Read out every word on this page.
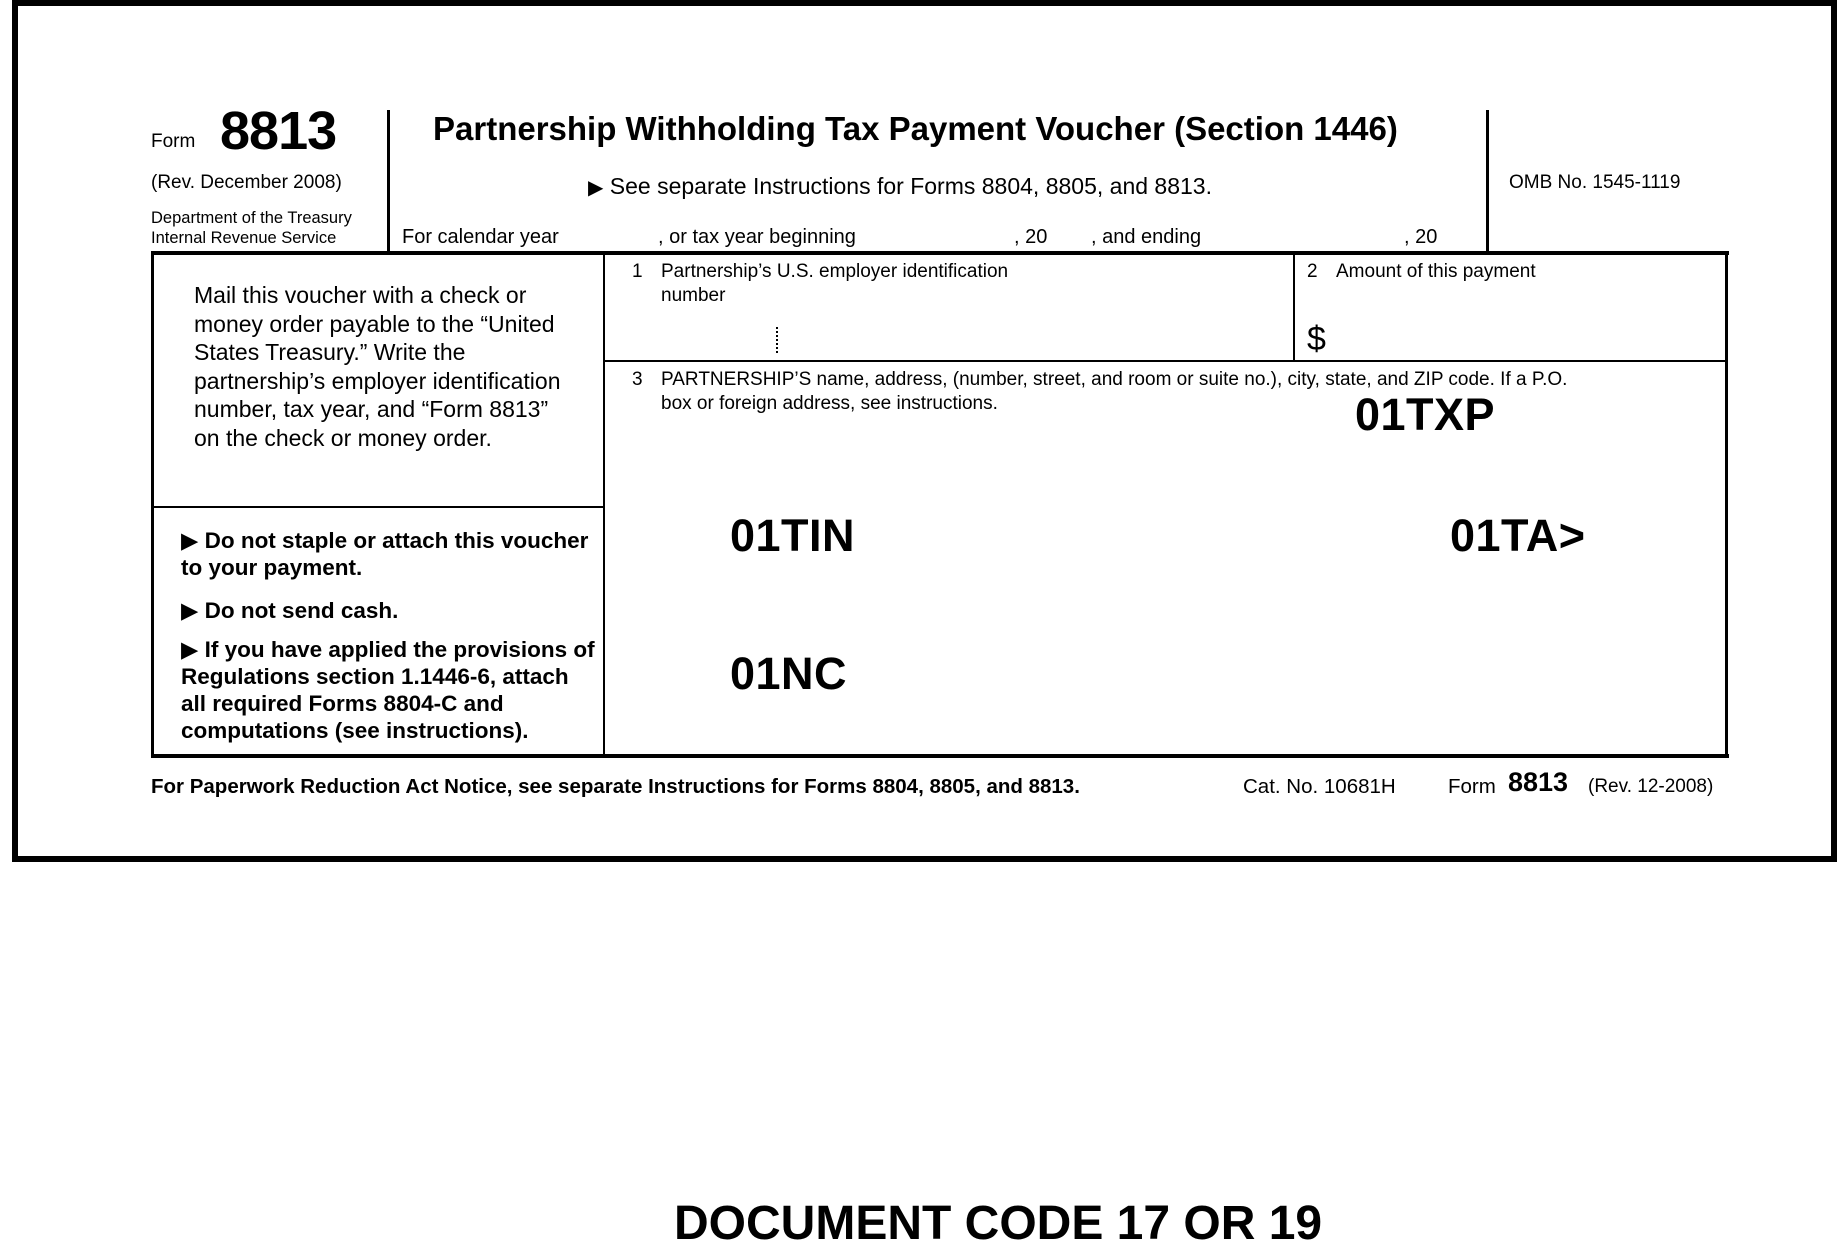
Form 8813
(Rev. December 2008)
Department of the Treasury
Internal Revenue Service
Partnership Withholding Tax Payment Voucher (Section 1446)
▶ See separate Instructions for Forms 8804, 8805, and 8813.
For calendar year	, or tax year beginning	, 20 , and ending	, 20
OMB No. 1545-1119
Mail this voucher with a check or money order payable to the “United States Treasury.” Write the partnership’s employer identification number, tax year, and “Form 8813” on the check or money order.
▶ Do not staple or attach this voucher to your payment.
▶ Do not send cash.
▶ If you have applied the provisions of Regulations section 1.1446-6, attach all required Forms 8804-C and computations (see instructions).
1 Partnership’s U.S. employer identification
number
2 Amount of this payment
$
3 PARTNERSHIP’S name, address, (number, street, and room or suite no.), city, state, and ZIP code. If a P.O.
box or foreign address, see instructions.	01TXP
01TIN	01TA>
01NC
For Paperwork Reduction Act Notice, see separate Instructions for Forms 8804, 8805, and 8813.	Cat. No. 10681H	Form 8813 (Rev. 12-2008)
DOCUMENT CODE 17 OR 19
